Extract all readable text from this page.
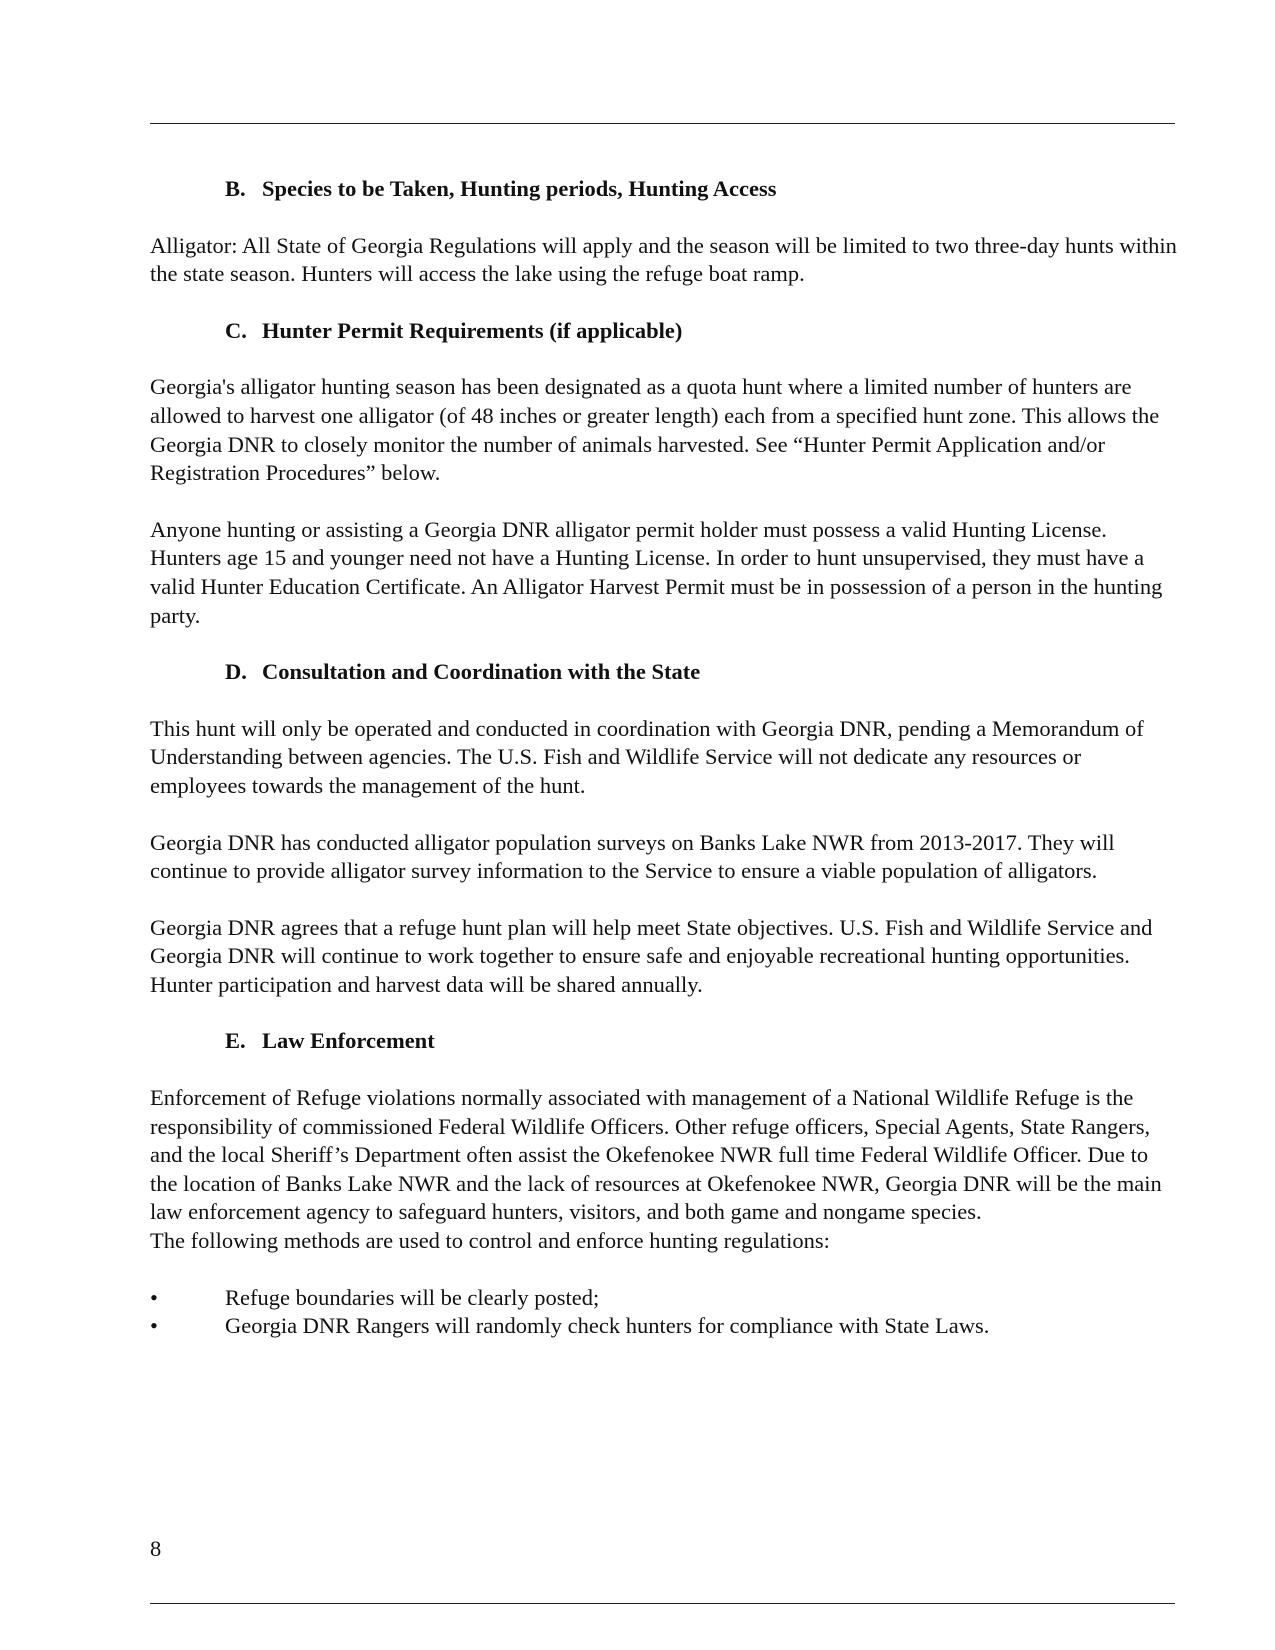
B. Species to be Taken, Hunting periods, Hunting Access

Alligator: All State of Georgia Regulations will apply and the season will be limited to two three-day hunts within the state season. Hunters will access the lake using the refuge boat ramp.

C. Hunter Permit Requirements (if applicable)

Georgia's alligator hunting season has been designated as a quota hunt where a limited number of hunters are allowed to harvest one alligator (of 48 inches or greater length) each from a specified hunt zone. This allows the Georgia DNR to closely monitor the number of animals harvested. See “Hunter Permit Application and/or Registration Procedures” below.

Anyone hunting or assisting a Georgia DNR alligator permit holder must possess a valid Hunting License. Hunters age 15 and younger need not have a Hunting License. In order to hunt unsupervised, they must have a valid Hunter Education Certificate. An Alligator Harvest Permit must be in possession of a person in the hunting party.

D. Consultation and Coordination with the State

This hunt will only be operated and conducted in coordination with Georgia DNR, pending a Memorandum of Understanding between agencies. The U.S. Fish and Wildlife Service will not dedicate any resources or employees towards the management of the hunt.

Georgia DNR has conducted alligator population surveys on Banks Lake NWR from 2013-2017. They will continue to provide alligator survey information to the Service to ensure a viable population of alligators.

Georgia DNR agrees that a refuge hunt plan will help meet State objectives. U.S. Fish and Wildlife Service and Georgia DNR will continue to work together to ensure safe and enjoyable recreational hunting opportunities. Hunter participation and harvest data will be shared annually.

E. Law Enforcement

Enforcement of Refuge violations normally associated with management of a National Wildlife Refuge is the responsibility of commissioned Federal Wildlife Officers. Other refuge officers, Special Agents, State Rangers, and the local Sheriff’s Department often assist the Okefenokee NWR full time Federal Wildlife Officer. Due to the location of Banks Lake NWR and the lack of resources at Okefenokee NWR, Georgia DNR will be the main law enforcement agency to safeguard hunters, visitors, and both game and nongame species.

The following methods are used to control and enforce hunting regulations:

•	Refuge boundaries will be clearly posted;
•	Georgia DNR Rangers will randomly check hunters for compliance with State Laws.
8
